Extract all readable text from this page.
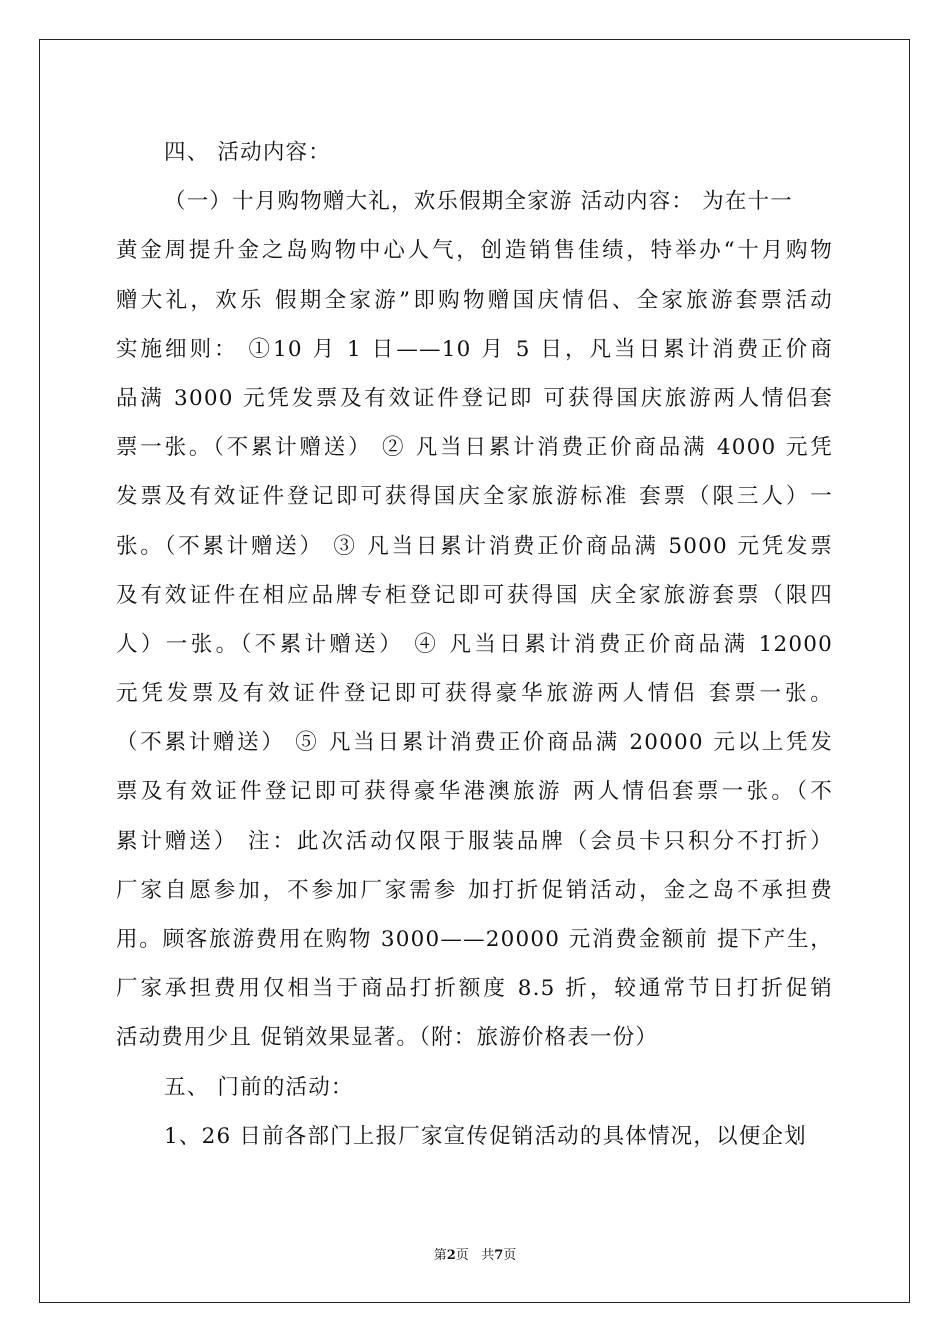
四、 活动内容：
（一）十月购物赠大礼，欢乐假期全家游 活动内容： 为在十一
黄金周提升金之岛购物中心人气，创造销售佳绩，特举办“十月购物
赠大礼，欢乐 假期全家游”即购物赠国庆情侣、全家旅游套票活动
实施细则： ①10 月 1 日——10 月 5 日，凡当日累计消费正价商
品满 3000 元凭发票及有效证件登记即 可获得国庆旅游两人情侣套
票一张。（不累计赠送） ② 凡当日累计消费正价商品满 4000 元凭
发票及有效证件登记即可获得国庆全家旅游标准 套票（限三人）一
张。（不累计赠送） ③ 凡当日累计消费正价商品满 5000 元凭发票
及有效证件在相应品牌专柜登记即可获得国 庆全家旅游套票（限四
人）一张。（不累计赠送） ④ 凡当日累计消费正价商品满 12000
元凭发票及有效证件登记即可获得豪华旅游两人情侣 套票一张。
（不累计赠送） ⑤ 凡当日累计消费正价商品满 20000 元以上凭发
票及有效证件登记即可获得豪华港澳旅游 两人情侣套票一张。（不
累计赠送） 注：此次活动仅限于服装品牌（会员卡只积分不打折）
厂家自愿参加，不参加厂家需参 加打折促销活动，金之岛不承担费
用。顾客旅游费用在购物 3000——20000 元消费金额前 提下产生，
厂家承担费用仅相当于商品打折额度 8.5 折，较通常节日打折促销
活动费用少且 促销效果显著。（附：旅游价格表一份）
五、 门前的活动：
1、26 日前各部门上报厂家宣传促销活动的具体情况，以便企划
第2页 共7页
